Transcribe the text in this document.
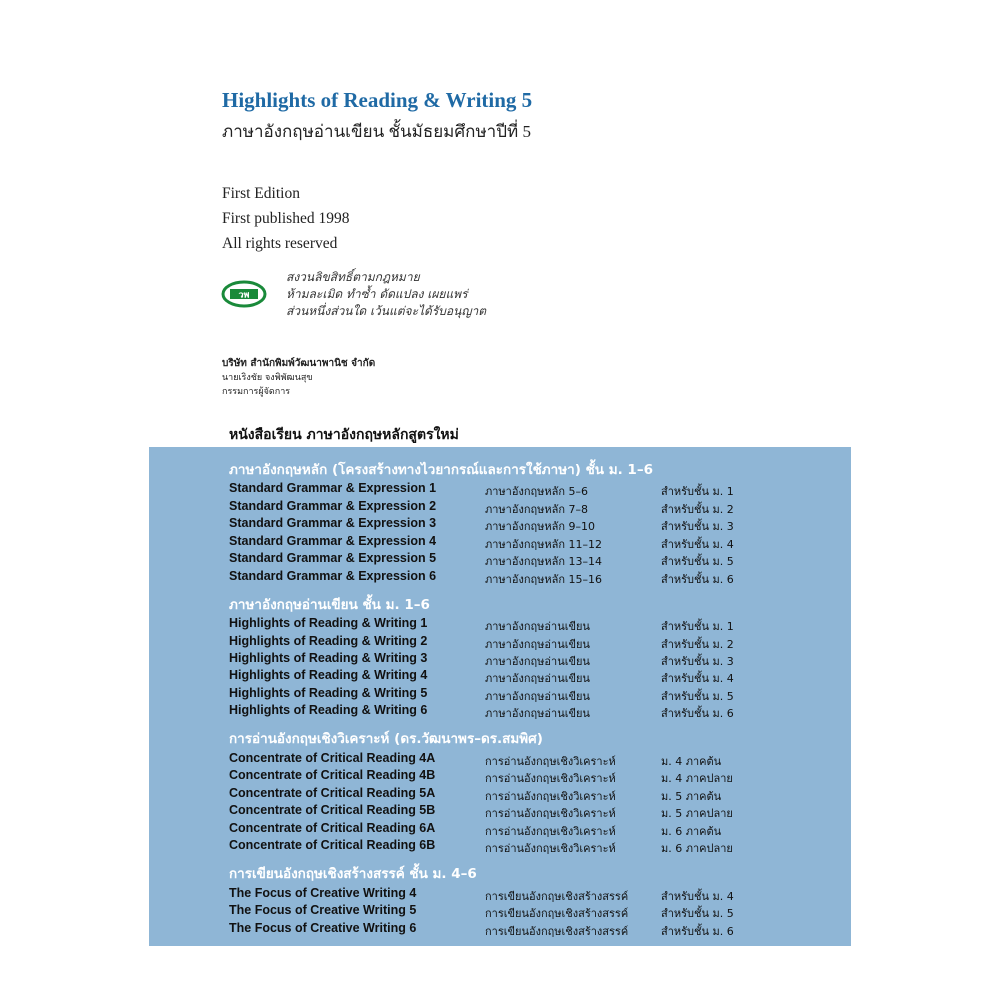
Highlights of Reading & Writing 5
ภาษาอังกฤษอ่านเขียน ชั้นมัธยมศึกษาปีที่ 5
First Edition
First published 1998
All rights reserved
วพ
สงวนลิขสิทธิ์ตามกฎหมาย
ห้ามละเมิด ทำซ้ำ ดัดแปลง เผยแพร่
ส่วนหนึ่งส่วนใด เว้นแต่จะได้รับอนุญาต
บริษัท สำนักพิมพ์วัฒนาพานิช จำกัด
นายเริงชัย จงพิพัฒนสุข
กรรมการผู้จัดการ
หนังสือเรียน ภาษาอังกฤษหลักสูตรใหม่
ภาษาอังกฤษหลัก (โครงสร้างทางไวยากรณ์และการใช้ภาษา) ชั้น ม. 1–6
Standard Grammar & Expression 1	ภาษาอังกฤษหลัก 5–6	สำหรับชั้น ม. 1
Standard Grammar & Expression 2	ภาษาอังกฤษหลัก 7–8	สำหรับชั้น ม. 2
Standard Grammar & Expression 3	ภาษาอังกฤษหลัก 9–10	สำหรับชั้น ม. 3
Standard Grammar & Expression 4	ภาษาอังกฤษหลัก 11–12	สำหรับชั้น ม. 4
Standard Grammar & Expression 5	ภาษาอังกฤษหลัก 13–14	สำหรับชั้น ม. 5
Standard Grammar & Expression 6	ภาษาอังกฤษหลัก 15–16	สำหรับชั้น ม. 6
ภาษาอังกฤษอ่านเขียน ชั้น ม. 1–6
Highlights of Reading & Writing 1	ภาษาอังกฤษอ่านเขียน	สำหรับชั้น ม. 1
Highlights of Reading & Writing 2	ภาษาอังกฤษอ่านเขียน	สำหรับชั้น ม. 2
Highlights of Reading & Writing 3	ภาษาอังกฤษอ่านเขียน	สำหรับชั้น ม. 3
Highlights of Reading & Writing 4	ภาษาอังกฤษอ่านเขียน	สำหรับชั้น ม. 4
Highlights of Reading & Writing 5	ภาษาอังกฤษอ่านเขียน	สำหรับชั้น ม. 5
Highlights of Reading & Writing 6	ภาษาอังกฤษอ่านเขียน	สำหรับชั้น ม. 6
การอ่านอังกฤษเชิงวิเคราะห์ (ดร.วัฒนาพร–ดร.สมพิศ)
Concentrate of Critical Reading 4A	การอ่านอังกฤษเชิงวิเคราะห์	ม. 4 ภาคต้น
Concentrate of Critical Reading 4B	การอ่านอังกฤษเชิงวิเคราะห์	ม. 4 ภาคปลาย
Concentrate of Critical Reading 5A	การอ่านอังกฤษเชิงวิเคราะห์	ม. 5 ภาคต้น
Concentrate of Critical Reading 5B	การอ่านอังกฤษเชิงวิเคราะห์	ม. 5 ภาคปลาย
Concentrate of Critical Reading 6A	การอ่านอังกฤษเชิงวิเคราะห์	ม. 6 ภาคต้น
Concentrate of Critical Reading 6B	การอ่านอังกฤษเชิงวิเคราะห์	ม. 6 ภาคปลาย
การเขียนอังกฤษเชิงสร้างสรรค์ ชั้น ม. 4–6
The Focus of Creative Writing 4	การเขียนอังกฤษเชิงสร้างสรรค์	สำหรับชั้น ม. 4
The Focus of Creative Writing 5	การเขียนอังกฤษเชิงสร้างสรรค์	สำหรับชั้น ม. 5
The Focus of Creative Writing 6	การเขียนอังกฤษเชิงสร้างสรรค์	สำหรับชั้น ม. 6
